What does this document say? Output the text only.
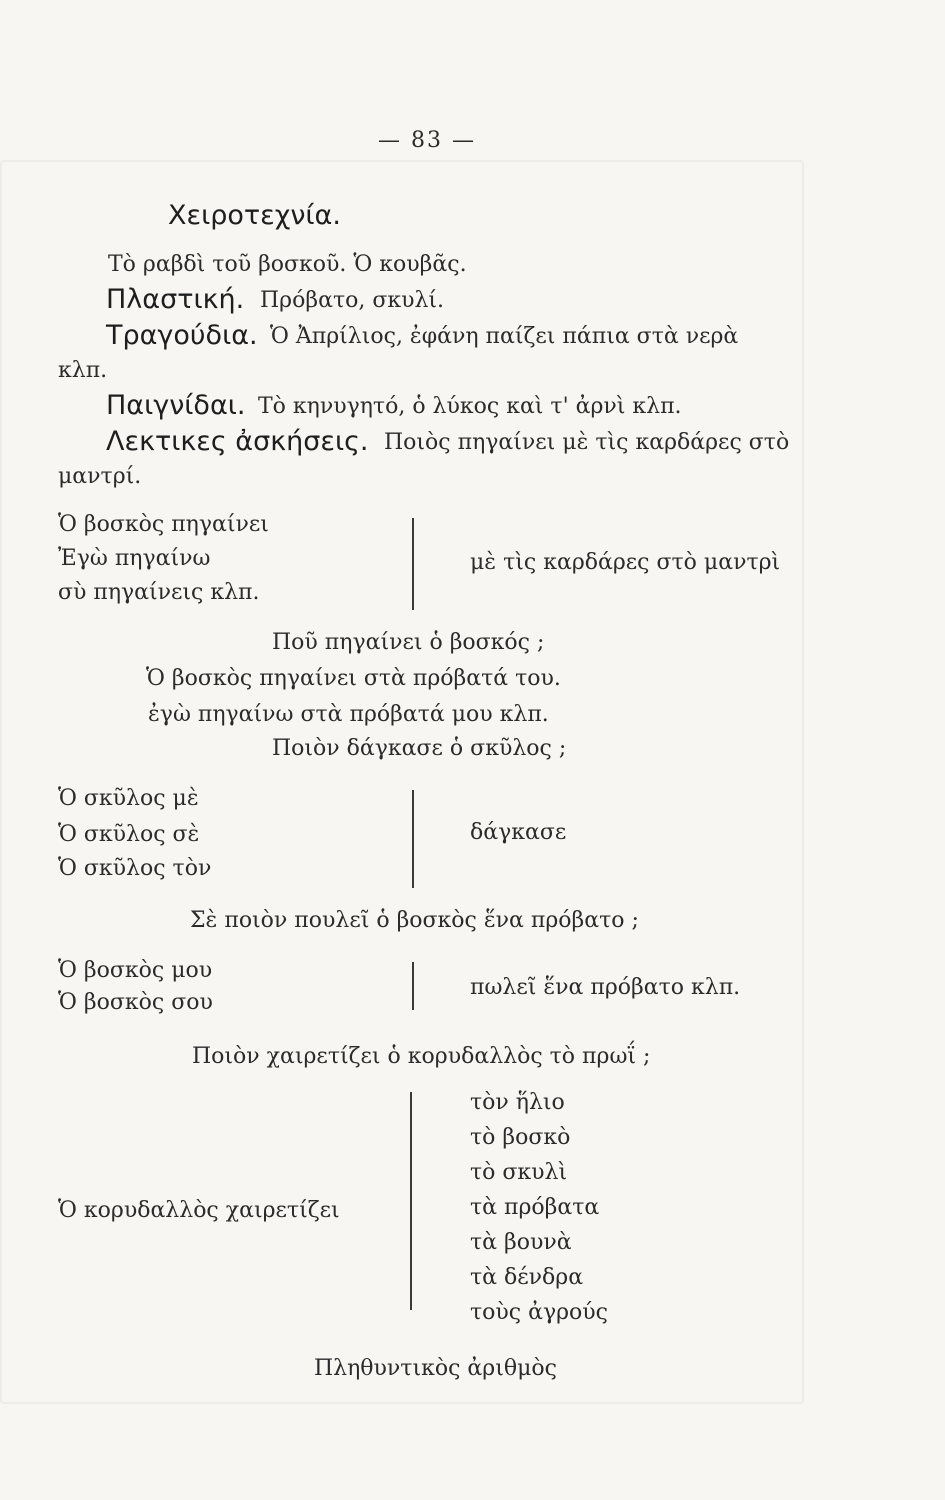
— 83 —
Χειροτεχνία.
Τὸ ραβδὶ τοῦ βοσκοῦ. Ὁ κουβᾶς.
Πλαστική. Πρόβατο, σκυλί.
Τραγούδια. Ὁ Ἀπρίλιος, ἐφάνη παίζει πάπια στὰ νερὰ
κλπ.
Παιγνίδαι. Τὸ κηνυγητό, ὁ λύκος καὶ τ' ἀρνὶ κλπ.
Λεκτικες ἀσκήσεις. Ποιὸς πηγαίνει μὲ τὶς καρδάρες στὸ
μαντρί.
Ὁ βοσκὸς πηγαίνει
Ἐγὼ πηγαίνω
σὺ πηγαίνεις κλπ.
μὲ τὶς καρδάρες στὸ μαντρὶ
Ποῦ πηγαίνει ὁ βοσκός ;
Ὁ βοσκὸς πηγαίνει στὰ πρόβατά του.
ἐγὼ πηγαίνω στὰ πρόβατά μου κλπ.
Ποιὸν δάγκασε ὁ σκῦλος ;
Ὁ σκῦλος μὲ
Ὁ σκῦλος σὲ
Ὁ σκῦλος τὸν
δάγκασε
Σὲ ποιὸν πουλεῖ ὁ βοσκὸς ἕνα πρόβατο ;
Ὁ βοσκὸς μου
Ὁ βοσκὸς σου
πωλεῖ ἕνα πρόβατο κλπ.
Ποιὸν χαιρετίζει ὁ κορυδαλλὸς τὸ πρωΐ ;
Ὁ κορυδαλλὸς χαιρετίζει
τὸν ἥλιο
τὸ βοσκὸ
τὸ σκυλὶ
τὰ πρόβατα
τὰ βουνὰ
τὰ δένδρα
τοὺς ἀγρούς
Πληθυντικὸς ἀριθμὸς
